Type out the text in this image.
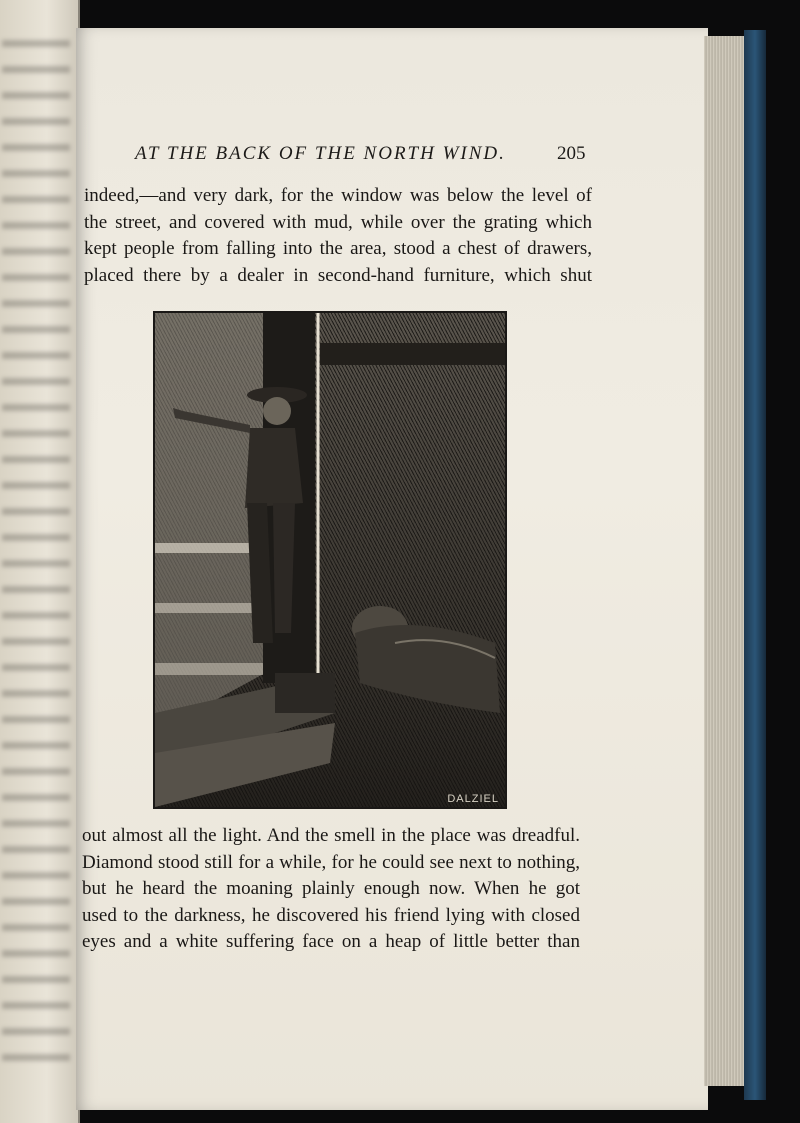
AT THE BACK OF THE NORTH WIND.	205
indeed,—and very dark, for the window was below the level of
the street, and covered with mud, while over the grating which
kept people from falling into the area, stood a chest of drawers,
placed there by a dealer in second-hand furniture, which shut
DALZIEL
out almost all the light. And the smell in the place was dreadful.
Diamond stood still for a while, for he could see next to nothing,
but he heard the moaning plainly enough now. When he got
used to the darkness, he discovered his friend lying with closed
eyes and a white suffering face on a heap of little better than
